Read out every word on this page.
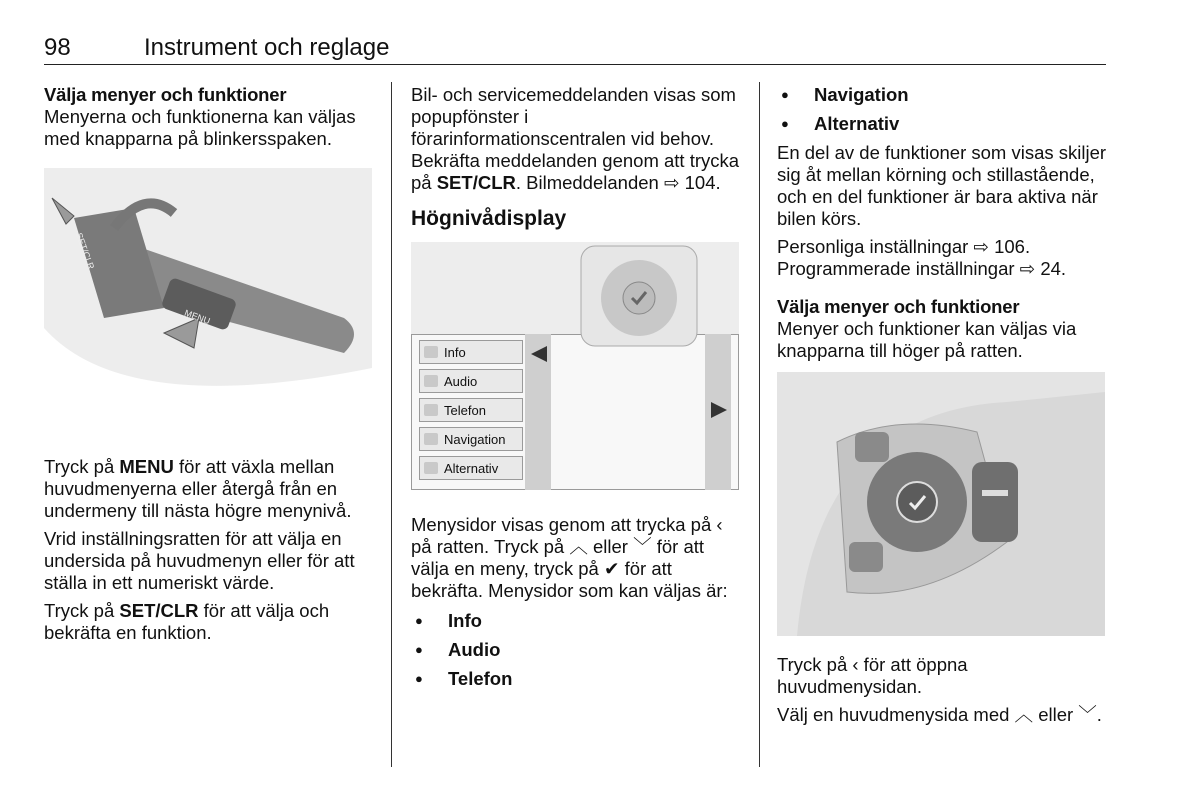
98	Instrument och reglage
Välja menyer och funktioner

Menyerna och funktionerna kan väljas med knapparna på blinkersspaken.

SET/CLR
MENU

Tryck på MENU för att växla mellan huvudmenyerna eller återgå från en undermeny till nästa högre menynivå.

Vrid inställningsratten för att välja en undersida på huvudmenyn eller för att ställa in ett numeriskt värde.

Tryck på SET/CLR för att välja och bekräfta en funktion.

Bil- och servicemeddelanden visas som popupfönster i förarinformationscentralen vid behov. Bekräfta meddelanden genom att trycka på SET/CLR. Bilmeddelanden ⇨ 104.

Högnivådisplay
Info
Audio
Telefon
Navigation
Alternativ

Menysidor visas genom att trycka på ‹ på ratten. Tryck på ︿ eller ﹀ för att välja en meny, tryck på ✔ för att bekräfta. Menysidor som kan väljas är:

● Info
● Audio
● Telefon
● Navigation
● Alternativ

En del av de funktioner som visas skiljer sig åt mellan körning och stillastående, och en del funktioner är bara aktiva när bilen körs.

Personliga inställningar ⇨ 106. Programmerade inställningar ⇨ 24.

Välja menyer och funktioner

Menyer och funktioner kan väljas via knapparna till höger på ratten.

Tryck på ‹ för att öppna huvudmenysidan.

Välj en huvudmenysida med ︿ eller ﹀.
